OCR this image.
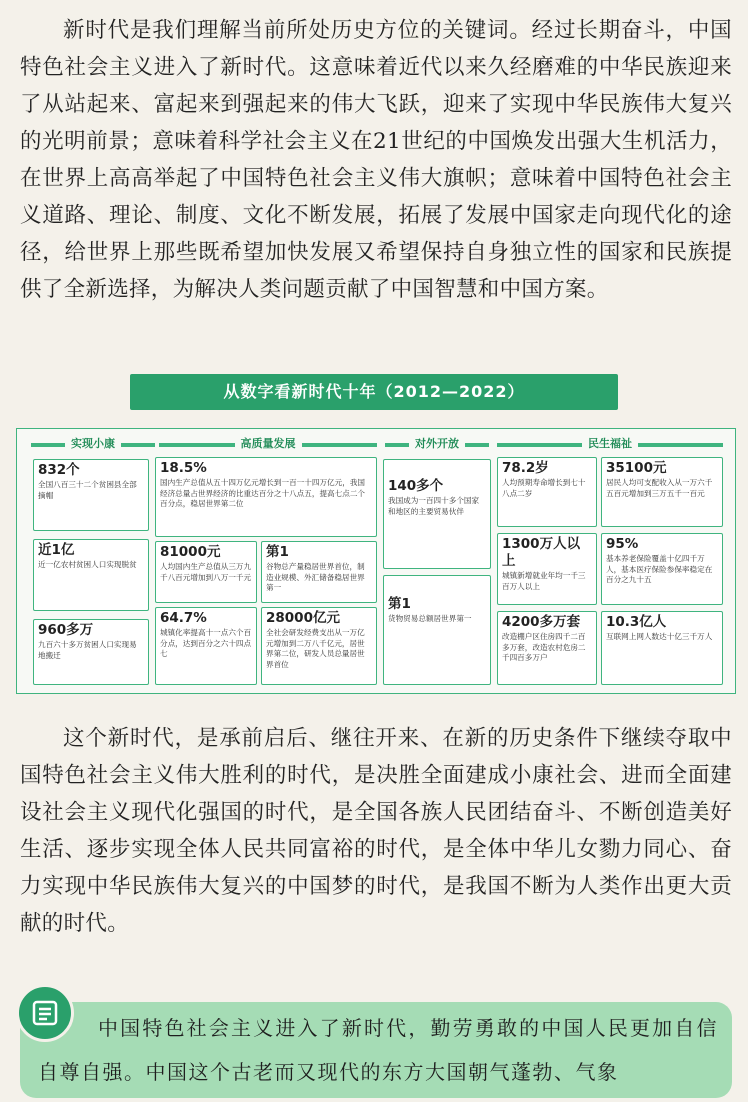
新时代是我们理解当前所处历史方位的关键词。经过长期奋斗，中国特色社会主义进入了新时代。这意味着近代以来久经磨难的中华民族迎来了从站起来、富起来到强起来的伟大飞跃，迎来了实现中华民族伟大复兴的光明前景；意味着科学社会主义在21世纪的中国焕发出强大生机活力，在世界上高高举起了中国特色社会主义伟大旗帜；意味着中国特色社会主义道路、理论、制度、文化不断发展，拓展了发展中国家走向现代化的途径，给世界上那些既希望加快发展又希望保持自身独立性的国家和民族提供了全新选择，为解决人类问题贡献了中国智慧和中国方案。

从数字看新时代十年（2012—2022）
实现小康	高质量发展	对外开放	民生福祉
832个
全国八百三十二个贫困县全部摘帽
近1亿
近一亿农村贫困人口实现脱贫
960多万
九百六十多万贫困人口实现易地搬迁
18.5%
国内生产总值从五十四万亿元增长到一百一十四万亿元，我国经济总量占世界经济的比重达百分之十八点五，提高七点二个百分点，稳居世界第二位
81000元
人均国内生产总值从三万九千八百元增加到八万一千元
第1
谷物总产量稳居世界首位，制造业规模、外汇储备稳居世界第一
64.7%
城镇化率提高十一点六个百分点，达到百分之六十四点七
28000亿元
全社会研发经费支出从一万亿元增加到二万八千亿元，居世界第二位，研发人员总量居世界首位
140多个
我国成为一百四十多个国家和地区的主要贸易伙伴
第1
货物贸易总额居世界第一
78.2岁
人均预期寿命增长到七十八点二岁
35100元
居民人均可支配收入从一万六千五百元增加到三万五千一百元
1300万人以上
城镇新增就业年均一千三百万人以上
95%
基本养老保险覆盖十亿四千万人，基本医疗保险参保率稳定在百分之九十五
4200多万套
改造棚户区住房四千二百多万套，改造农村危房二千四百多万户
10.3亿人
互联网上网人数达十亿三千万人

这个新时代，是承前启后、继往开来、在新的历史条件下继续夺取中国特色社会主义伟大胜利的时代，是决胜全面建成小康社会、进而全面建设社会主义现代化强国的时代，是全国各族人民团结奋斗、不断创造美好生活、逐步实现全体人民共同富裕的时代，是全体中华儿女勠力同心、奋力实现中华民族伟大复兴的中国梦的时代，是我国不断为人类作出更大贡献的时代。

中国特色社会主义进入了新时代，勤劳勇敢的中国人民更加自信自尊自强。中国这个古老而又现代的东方大国朝气蓬勃、气象
